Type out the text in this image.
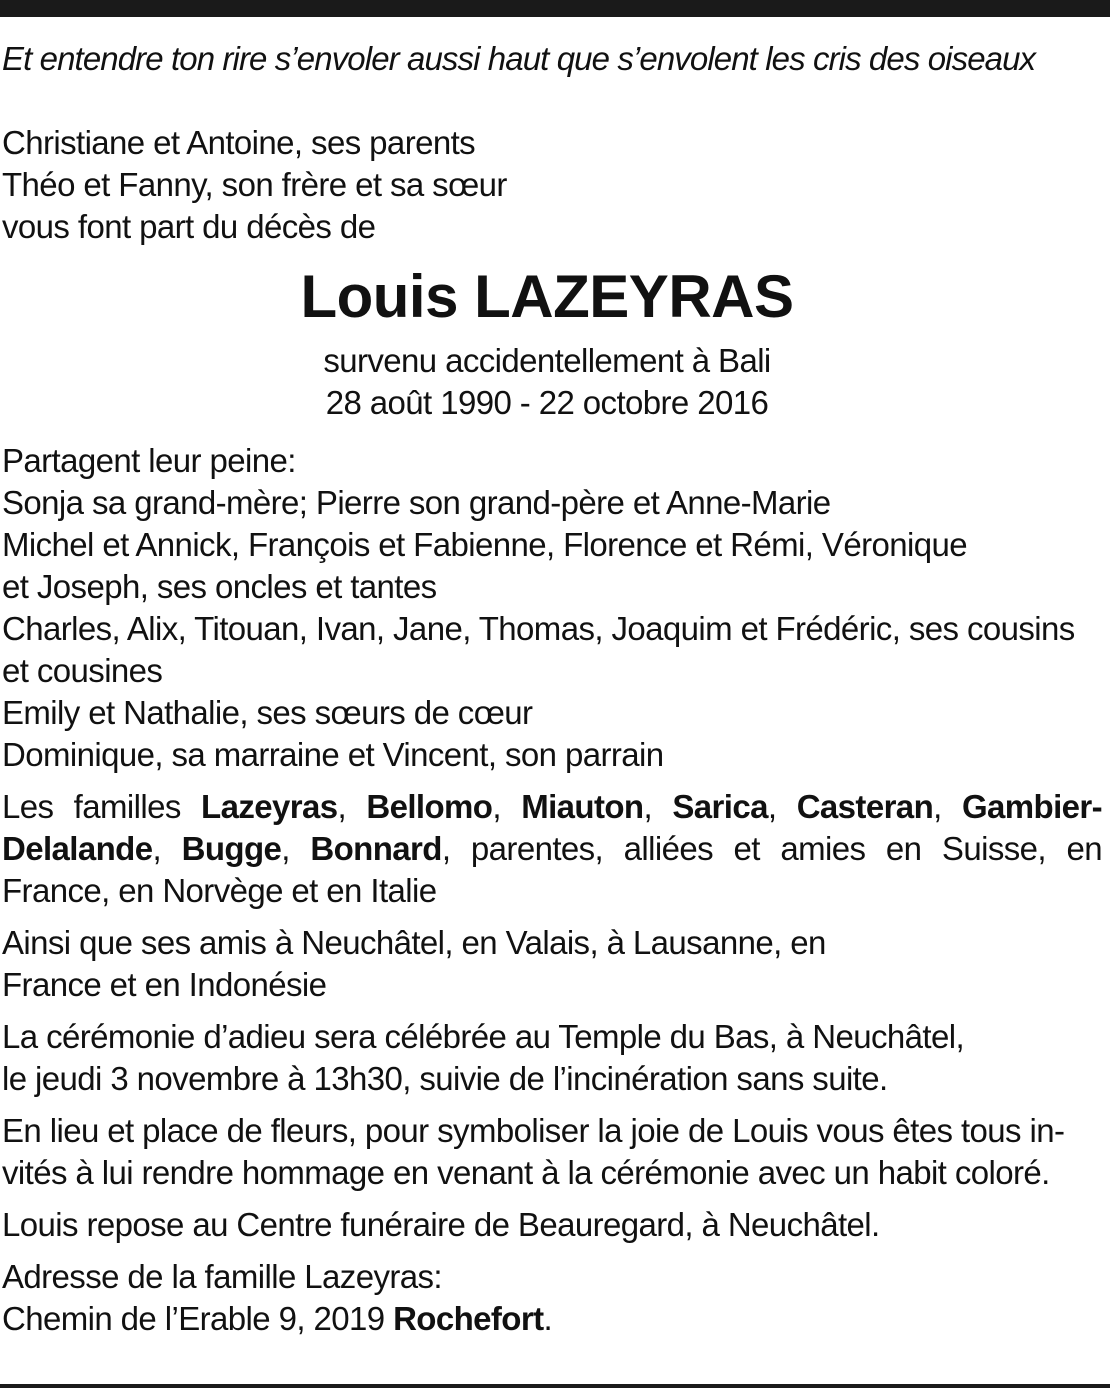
Et entendre ton rire s’envoler aussi haut que s’envolent les cris des oiseaux

Christiane et Antoine, ses parents
Théo et Fanny, son frère et sa sœur
vous font part du décès de

Louis LAZEYRAS
survenu accidentellement à Bali
28 août 1990 - 22 octobre 2016

Partagent leur peine:
Sonja sa grand-mère; Pierre son grand-père et Anne-Marie
Michel et Annick, François et Fabienne, Florence et Rémi, Véronique
et Joseph, ses oncles et tantes
Charles, Alix, Titouan, Ivan, Jane, Thomas, Joaquim et Frédéric, ses cousins
et cousines
Emily et Nathalie, ses sœurs de cœur
Dominique, sa marraine et Vincent, son parrain

Les familles Lazeyras, Bellomo, Miauton, Sarica, Casteran, Gambier-Delalande, Bugge, Bonnard, parentes, alliées et amies en Suisse, en France, en Norvège et en Italie

Ainsi que ses amis à Neuchâtel, en Valais, à Lausanne, en
France et en Indonésie

La cérémonie d’adieu sera célébrée au Temple du Bas, à Neuchâtel,
le jeudi 3 novembre à 13h30, suivie de l’incinération sans suite.

En lieu et place de fleurs, pour symboliser la joie de Louis vous êtes tous in-
vités à lui rendre hommage en venant à la cérémonie avec un habit coloré.

Louis repose au Centre funéraire de Beauregard, à Neuchâtel.

Adresse de la famille Lazeyras:
Chemin de l’Erable 9, 2019 Rochefort.
